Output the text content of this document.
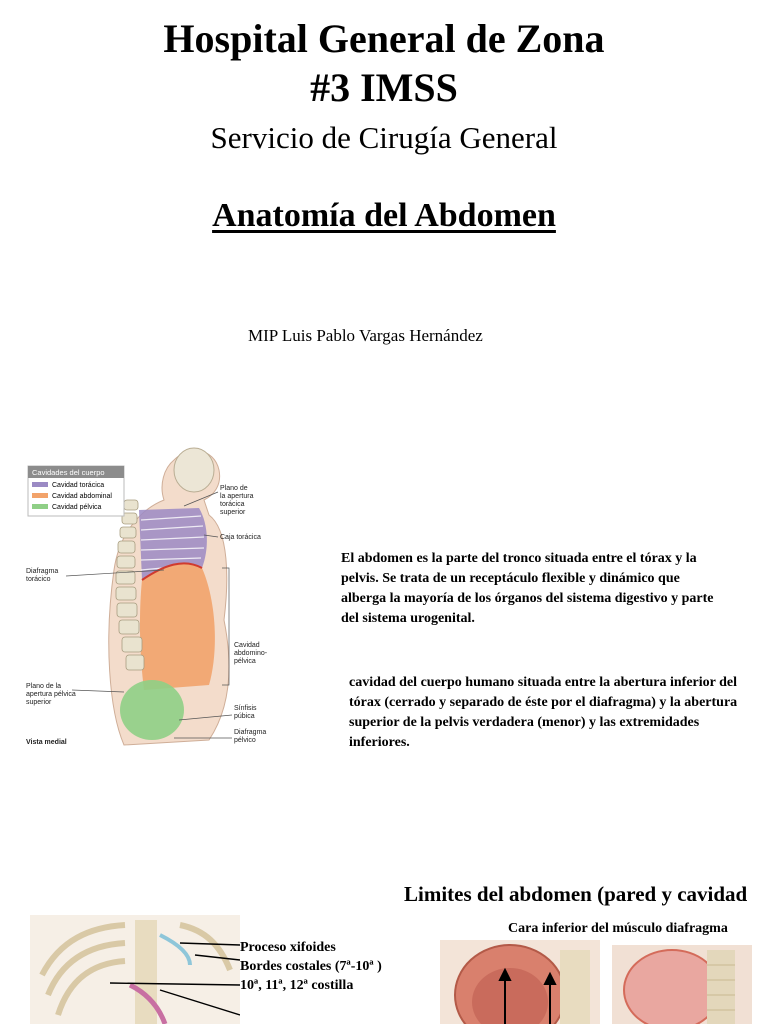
Hospital General de Zona
#3 IMSS
Servicio de Cirugía General
Anatomía del Abdomen
MIP Luis Pablo Vargas Hernández
Cavidades del cuerpo
Cavidad torácica
Cavidad abdominal
Cavidad pélvica
Plano de
la apertura
torácica
superior
Caja torácica
Diafragma
torácico
Cavidad
abdomino-
pélvica
Plano de la
apertura pélvica
superior
Sínfisis
púbica
Diafragma
pélvico
Vista medial
El abdomen es la parte del tronco situada entre el tórax y la pelvis. Se trata de un receptáculo flexible y dinámico que alberga la mayoría de los órganos del sistema digestivo y parte del sistema urogenital.
cavidad del cuerpo humano situada entre la abertura inferior del tórax (cerrado y separado de éste por el diafragma) y la abertura superior de la pelvis verdadera (menor) y las extremidades inferiores.
Limites del abdomen (pared y cavidad
Cara inferior del músculo diafragma
Proceso xifoides
Bordes costales (7ª-10ª )
10ª, 11ª, 12ª costilla
